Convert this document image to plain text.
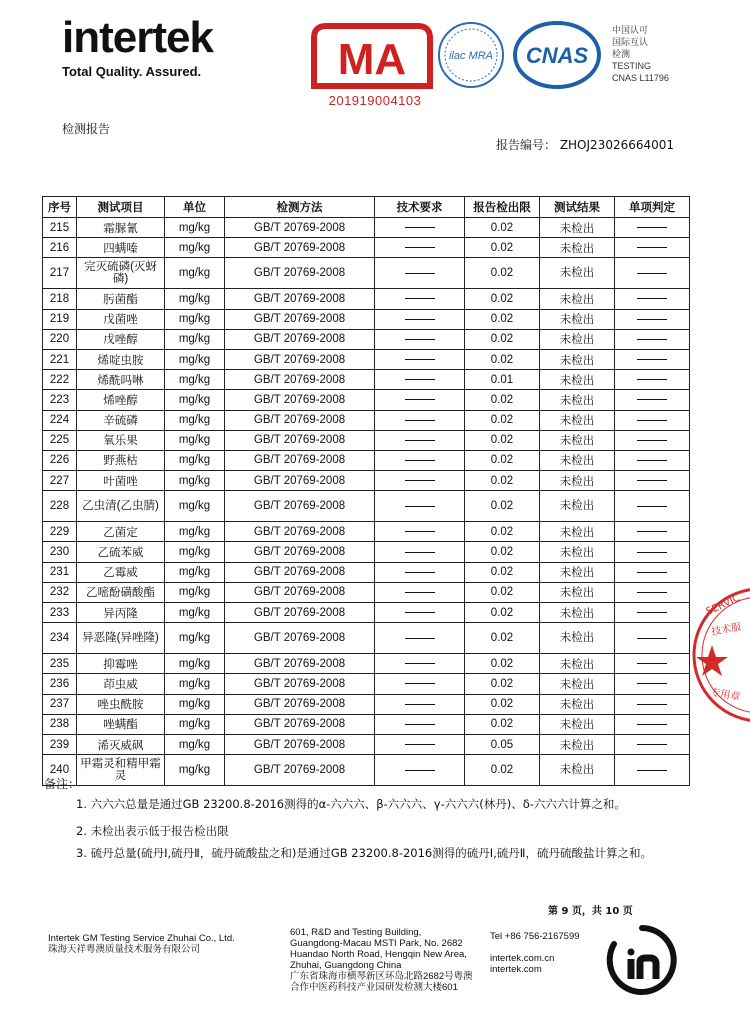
intertek
Total Quality. Assured.	MA
201919004103
ilac MRA CNAS
中国认可
国际互认
检测
TESTING
CNAS L11796
检测报告
报告编号： ZHOJ23026664001
序号	测试项目	单位	检测方法	技术要求	报告检出限	测试结果	单项判定
215	霜脲氰	mg/kg	GB/T 20769-2008		0.02	未检出	
216	四螨嗪	mg/kg	GB/T 20769-2008		0.02	未检出	
217	完灭硫磷(灭蚜磷)	mg/kg	GB/T 20769-2008		0.02	未检出	
218	肟菌酯	mg/kg	GB/T 20769-2008		0.02	未检出	
219	戊菌唑	mg/kg	GB/T 20769-2008		0.02	未检出	
220	戊唑醇	mg/kg	GB/T 20769-2008		0.02	未检出	
221	烯啶虫胺	mg/kg	GB/T 20769-2008		0.02	未检出	
222	烯酰吗啉	mg/kg	GB/T 20769-2008		0.01	未检出	
223	烯唑醇	mg/kg	GB/T 20769-2008		0.02	未检出	
224	辛硫磷	mg/kg	GB/T 20769-2008		0.02	未检出	
225	氧乐果	mg/kg	GB/T 20769-2008		0.02	未检出	
226	野燕枯	mg/kg	GB/T 20769-2008		0.02	未检出	
227	叶菌唑	mg/kg	GB/T 20769-2008		0.02	未检出	
228	乙虫清(乙虫腈)	mg/kg	GB/T 20769-2008		0.02	未检出	
229	乙菌定	mg/kg	GB/T 20769-2008		0.02	未检出	
230	乙硫苯威	mg/kg	GB/T 20769-2008		0.02	未检出	
231	乙霉威	mg/kg	GB/T 20769-2008		0.02	未检出	
232	乙嘧酚磺酸酯	mg/kg	GB/T 20769-2008		0.02	未检出	
233	异丙隆	mg/kg	GB/T 20769-2008		0.02	未检出	
234	异恶隆(异唑隆)	mg/kg	GB/T 20769-2008		0.02	未检出	
235	抑霉唑	mg/kg	GB/T 20769-2008		0.02	未检出	
236	茚虫威	mg/kg	GB/T 20769-2008		0.02	未检出	
237	唑虫酰胺	mg/kg	GB/T 20769-2008		0.02	未检出	
238	唑螨酯	mg/kg	GB/T 20769-2008		0.02	未检出	
239	浠灭威砜	mg/kg	GB/T 20769-2008		0.05	未检出	
240	甲霜灵和精甲霜灵	mg/kg	GB/T 20769-2008		0.02	未检出	
备注：
1. 六六六总量是通过GB 23200.8-2016测得的α-六六六、β-六六六、γ-六六六(林丹)、δ-六六六计算之和。
2. 未检出表示低于报告检出限
3. 硫丹总量(硫丹Ⅰ,硫丹Ⅱ，硫丹硫酸盐之和)是通过GB 23200.8-2016测得的硫丹Ⅰ,硫丹Ⅱ，硫丹硫酸盐计算之和。
第 9 页，共 10 页
Intertek GM Testing Service Zhuhai Co., Ltd.
珠海天祥粤澳质量技术服务有限公司
601, R&D and Testing Building,
Guangdong-Macau MSTI Park, No. 2682
Huandao North Road, Hengqin New Area,
Zhuhai, Guangdong China
广东省珠海市横琴新区环岛北路2682号粤澳
合作中医药科技产业园研发检测大楼601
Tel +86 756-2167599
intertek.com.cn
intertek.com
SERVIC
技术服
专用章
